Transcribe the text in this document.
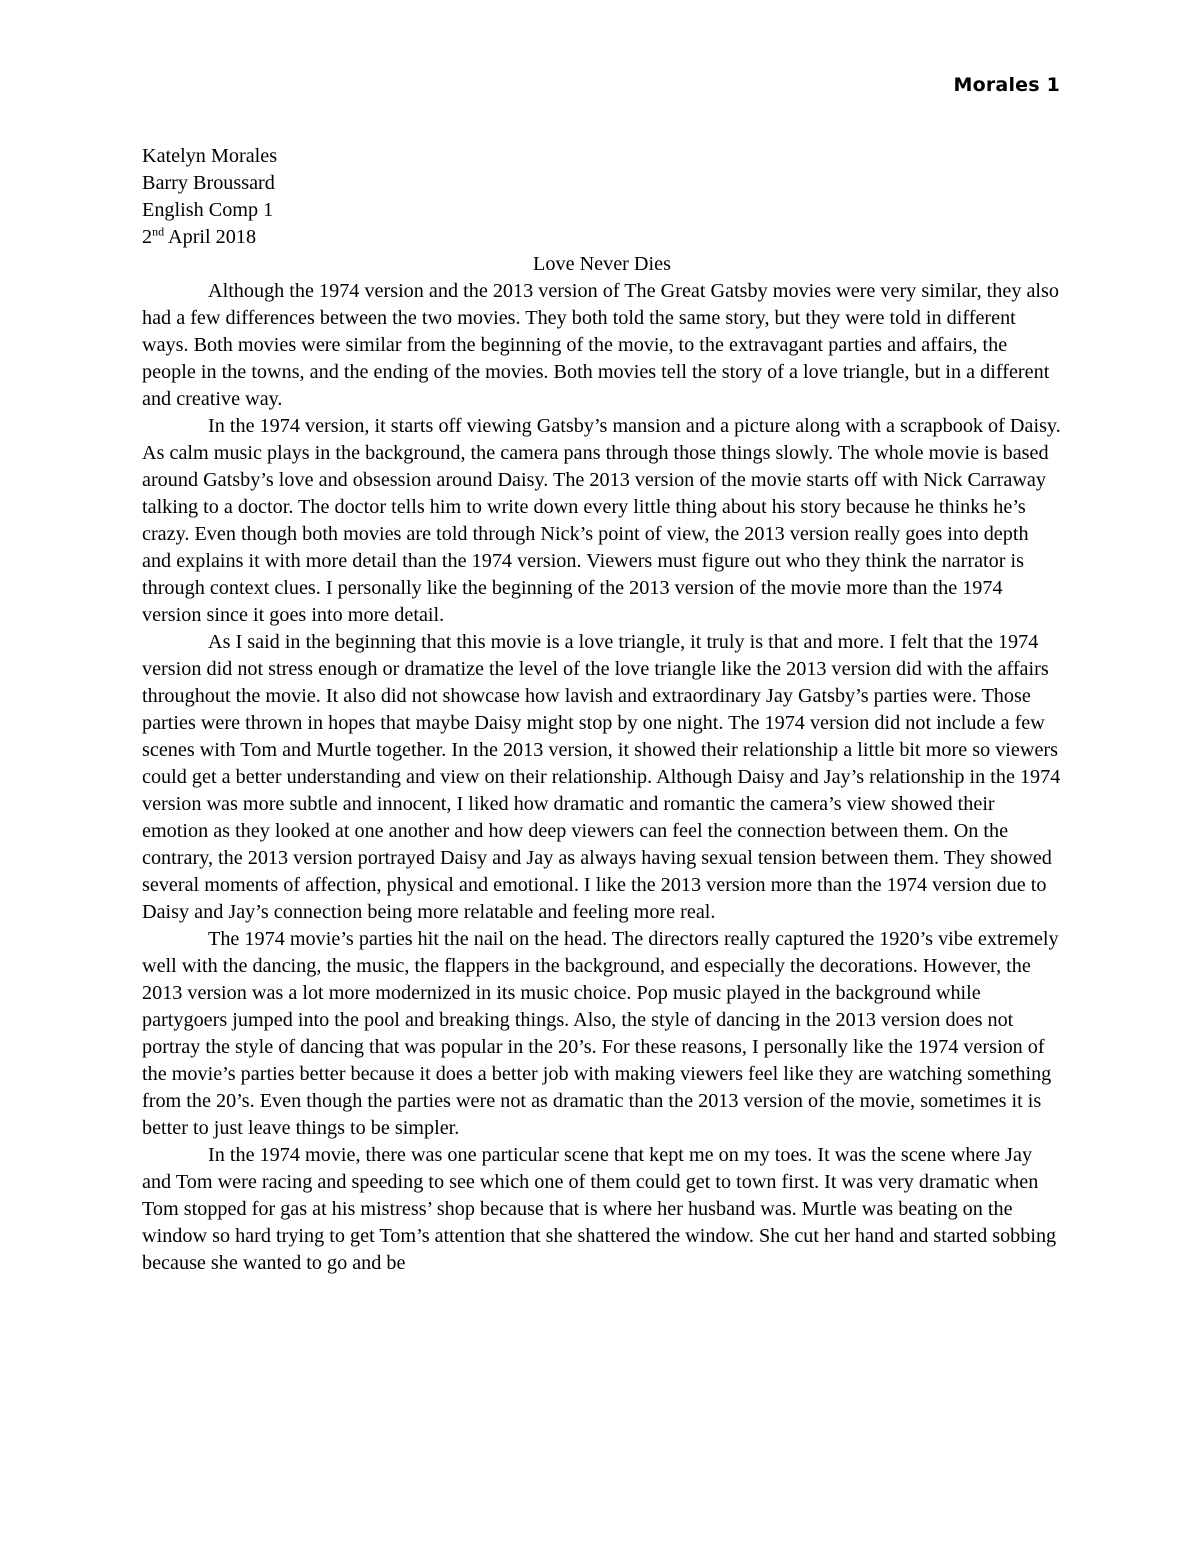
Morales 1

Katelyn Morales

Barry Broussard

English Comp 1

2nd April 2018

Love Never Dies

Although the 1974 version and the 2013 version of The Great Gatsby movies were very similar, they also had a few differences between the two movies. They both told the same story, but they were told in different ways. Both movies were similar from the beginning of the movie, to the extravagant parties and affairs, the people in the towns, and the ending of the movies. Both movies tell the story of a love triangle, but in a different and creative way.

In the 1974 version, it starts off viewing Gatsby’s mansion and a picture along with a scrapbook of Daisy. As calm music plays in the background, the camera pans through those things slowly. The whole movie is based around Gatsby’s love and obsession around Daisy. The 2013 version of the movie starts off with Nick Carraway talking to a doctor. The doctor tells him to write down every little thing about his story because he thinks he’s crazy. Even though both movies are told through Nick’s point of view, the 2013 version really goes into depth and explains it with more detail than the 1974 version. Viewers must figure out who they think the narrator is through context clues. I personally like the beginning of the 2013 version of the movie more than the 1974 version since it goes into more detail.

As I said in the beginning that this movie is a love triangle, it truly is that and more. I felt that the 1974 version did not stress enough or dramatize the level of the love triangle like the 2013 version did with the affairs throughout the movie. It also did not showcase how lavish and extraordinary Jay Gatsby’s parties were. Those parties were thrown in hopes that maybe Daisy might stop by one night. The 1974 version did not include a few scenes with Tom and Murtle together. In the 2013 version, it showed their relationship a little bit more so viewers could get a better understanding and view on their relationship. Although Daisy and Jay’s relationship in the 1974 version was more subtle and innocent, I liked how dramatic and romantic the camera’s view showed their emotion as they looked at one another and how deep viewers can feel the connection between them. On the contrary, the 2013 version portrayed Daisy and Jay as always having sexual tension between them. They showed several moments of affection, physical and emotional. I like the 2013 version more than the 1974 version due to Daisy and Jay’s connection being more relatable and feeling more real.

The 1974 movie’s parties hit the nail on the head. The directors really captured the 1920’s vibe extremely well with the dancing, the music, the flappers in the background, and especially the decorations. However, the 2013 version was a lot more modernized in its music choice. Pop music played in the background while partygoers jumped into the pool and breaking things. Also, the style of dancing in the 2013 version does not portray the style of dancing that was popular in the 20’s. For these reasons, I personally like the 1974 version of the movie’s parties better because it does a better job with making viewers feel like they are watching something from the 20’s. Even though the parties were not as dramatic than the 2013 version of the movie, sometimes it is better to just leave things to be simpler.

In the 1974 movie, there was one particular scene that kept me on my toes. It was the scene where Jay and Tom were racing and speeding to see which one of them could get to town first. It was very dramatic when Tom stopped for gas at his mistress’ shop because that is where her husband was. Murtle was beating on the window so hard trying to get Tom’s attention that she shattered the window. She cut her hand and started sobbing because she wanted to go and be
